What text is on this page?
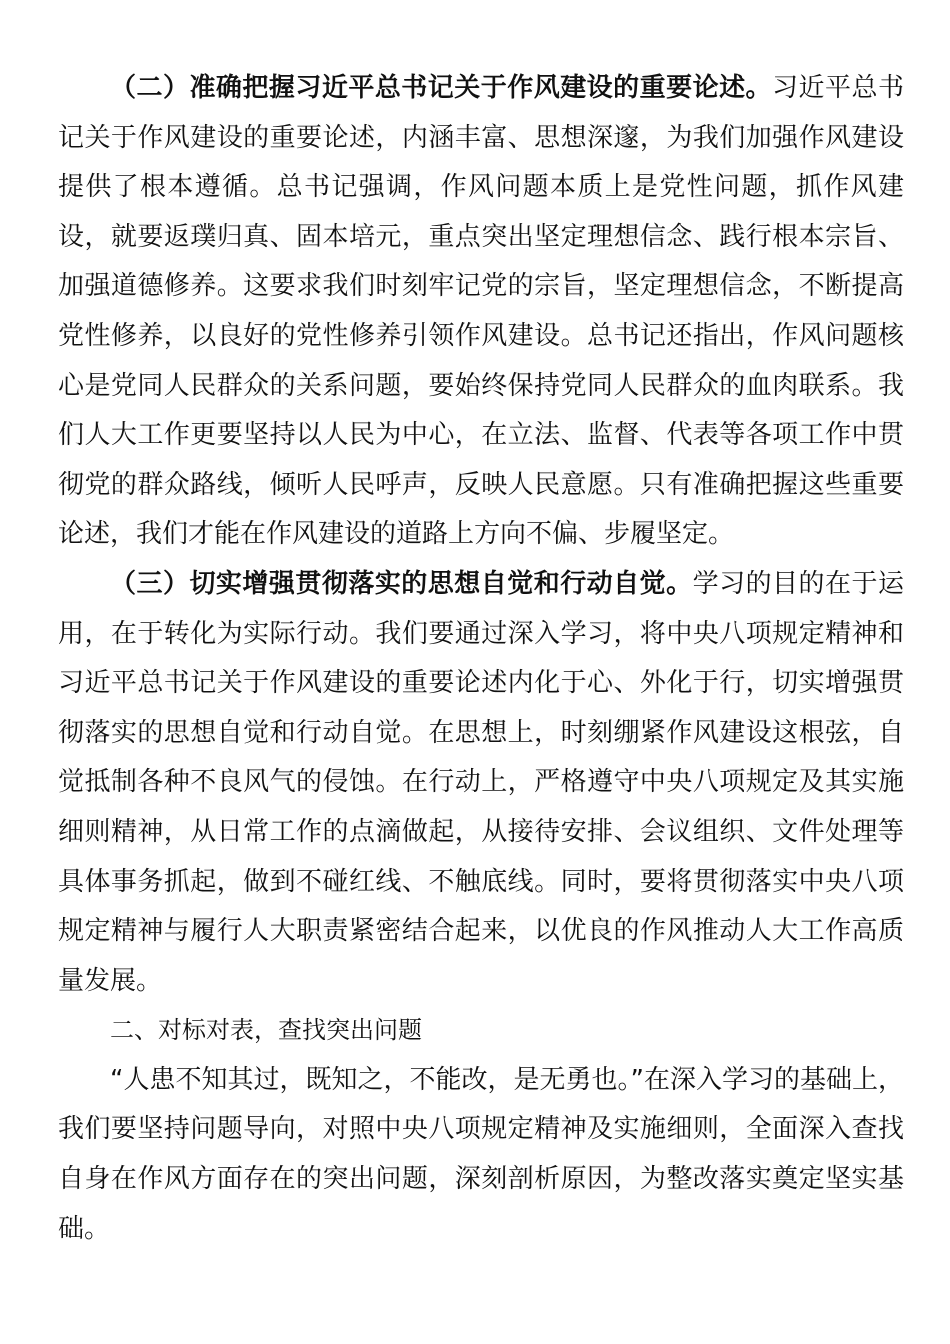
（二）准确把握习近平总书记关于作风建设的重要论述。习近平总书记关于作风建设的重要论述，内涵丰富、思想深邃，为我们加强作风建设提供了根本遵循。总书记强调，作风问题本质上是党性问题，抓作风建设，就要返璞归真、固本培元，重点突出坚定理想信念、践行根本宗旨、加强道德修养。这要求我们时刻牢记党的宗旨，坚定理想信念，不断提高党性修养，以良好的党性修养引领作风建设。总书记还指出，作风问题核心是党同人民群众的关系问题，要始终保持党同人民群众的血肉联系。我们人大工作更要坚持以人民为中心，在立法、监督、代表等各项工作中贯彻党的群众路线，倾听人民呼声，反映人民意愿。只有准确把握这些重要论述，我们才能在作风建设的道路上方向不偏、步履坚定。

（三）切实增强贯彻落实的思想自觉和行动自觉。学习的目的在于运用，在于转化为实际行动。我们要通过深入学习，将中央八项规定精神和习近平总书记关于作风建设的重要论述内化于心、外化于行，切实增强贯彻落实的思想自觉和行动自觉。在思想上，时刻绷紧作风建设这根弦，自觉抵制各种不良风气的侵蚀。在行动上，严格遵守中央八项规定及其实施细则精神，从日常工作的点滴做起，从接待安排、会议组织、文件处理等具体事务抓起，做到不碰红线、不触底线。同时，要将贯彻落实中央八项规定精神与履行人大职责紧密结合起来，以优良的作风推动人大工作高质量发展。

二、对标对表，查找突出问题

“人患不知其过，既知之，不能改，是无勇也。”在深入学习的基础上，我们要坚持问题导向，对照中央八项规定精神及实施细则，全面深入查找自身在作风方面存在的突出问题，深刻剖析原因，为整改落实奠定坚实基础。
